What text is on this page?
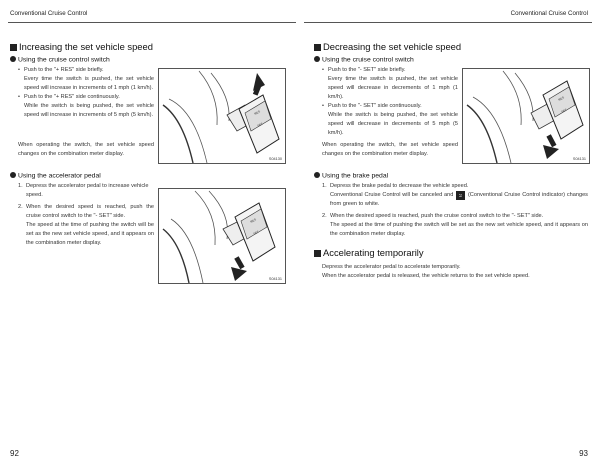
Conventional Cruise Control	Conventional Cruise Control
Increasing the set vehicle speed
Using the cruise control switch
• Push to the "+ RES" side briefly.

Every time the switch is pushed, the set vehicle speed will increase in increments of 1 mph (1 km/h).

• Push to the "+ RES" side continuously.

While the switch is being pushed, the set vehicle speed will increase in increments of 5 mph (5 km/h).

When operating the switch, the set vehicle speed changes on the combination meter display.

RES
SET
S04130
Using the accelerator pedal
1. Depress the accelerator pedal to increase vehicle speed.

2. When the desired speed is reached, push the cruise control switch to the "- SET" side.

The speed at the time of pushing the switch will be set as the new set vehicle speed, and it appears on the combination meter display.

RES
SET
S04131
92
Decreasing the set vehicle speed
Using the cruise control switch
• Push to the "- SET" side briefly.

Every time the switch is pushed, the set vehicle speed will decrease in decrements of 1 mph (1 km/h).

• Push to the "- SET" side continuously.

While the switch is being pushed, the set vehicle speed will decrease in decrements of 5 mph (5 km/h).

When operating the switch, the set vehicle speed changes on the combination meter display.

RES
SET
S04131
Using the brake pedal
1. Depress the brake pedal to decrease the vehicle speed.

Conventional Cruise Control will be canceled and ⎋ (Conventional Cruise Control indicator) changes from green to white.

2. When the desired speed is reached, push the cruise control switch to the "- SET" side.

The speed at the time of pushing the switch will be set as the new set vehicle speed, and it appears on the combination meter display.

Accelerating temporarily

Depress the accelerator pedal to accelerate temporarily.

When the accelerator pedal is released, the vehicle returns to the set vehicle speed.

93
